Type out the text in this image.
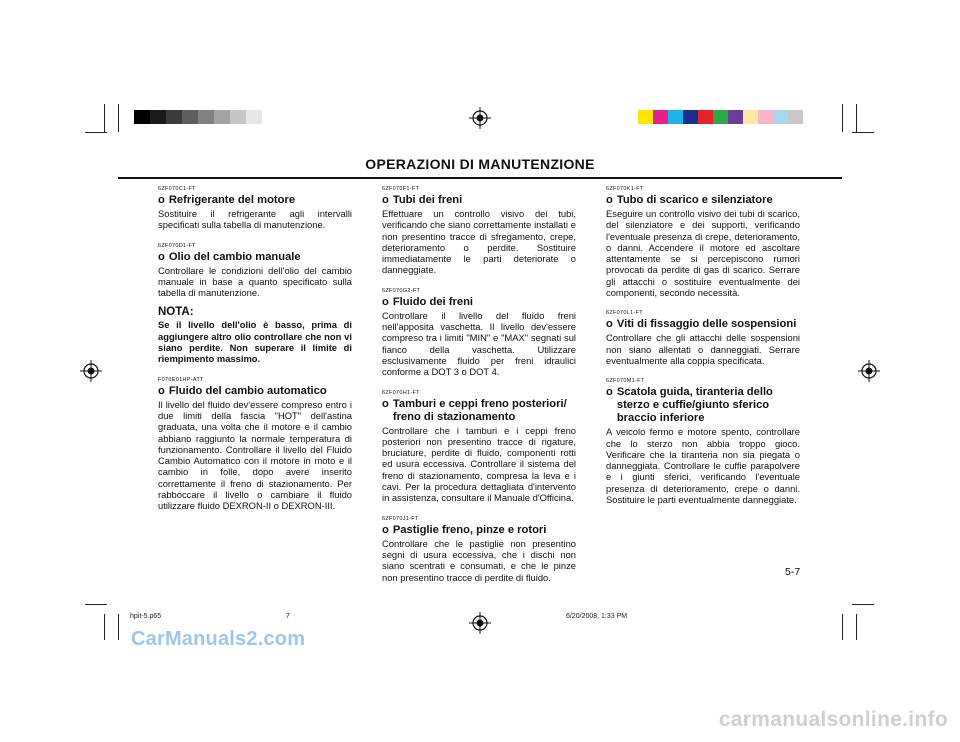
OPERAZIONI DI MANUTENZIONE
6ZF070C1-FT
o Refrigerante del motore

Sostituire il refrigerante agli intervalli specificati sulla tabella di manutenzione.

6ZF070D1-FT
o Olio del cambio manuale

Controllare le condizioni dell'olio del cambio manuale in base a quanto specificato sulla tabella di manutenzione.

NOTA:

Se il livello dell'olio è basso, prima di aggiungere altro olio controllare che non vi siano perdite. Non superare il limite di riempimento massimo.

F070E01HP-ATT
o Fluido del cambio automatico

Il livello del fluido dev'essere compreso entro i due limiti della fascia "HOT" dell'astina graduata, una volta che il motore e il cambio abbiano raggiunto la normale temperatura di funzionamento. Controllare il livello del Fluido Cambio Automatico con il motore in moto e il cambio in folle, dopo avere inserito correttamente il freno di stazionamento. Per rabboccare il livello o cambiare il fluido utilizzare fluido DEXRON-II o DEXRON-III.

6ZF070F1-FT
o Tubi dei freni

Effettuare un controllo visivo dei tubi, verificando che siano correttamente installati e non presentino tracce di sfregamento, crepe, deterioramento o perdite. Sostituire immediatamente le parti deteriorate o danneggiate.

6ZF070G2-FT
o Fluido dei freni

Controllare il livello del fluido freni nell'apposita vaschetta. Il livello dev'essere compreso tra i limiti "MIN" e "MAX" segnati sul fianco della vaschetta. Utilizzare esclusivamente fluido per freni idraulici conforme a DOT 3 o DOT 4.

6ZF070H1-FT
o Tamburi e ceppi freno posteriori/ freno di stazionamento

Controllare che i tamburi e i ceppi freno posteriori non presentino tracce di rigature, bruciature, perdite di fluido, componenti rotti ed usura eccessiva. Controllare il sistema del freno di stazionamento, compresa la leva e i cavi. Per la procedura dettagliata d'intervento in assistenza, consultare il Manuale d'Officina.

6ZF070J1-FT
o Pastiglie freno, pinze e rotori

Controllare che le pastiglie non presentino segni di usura eccessiva, che i dischi non siano scentrati e consumati, e che le pinze non presentino tracce di perdite di fluido.

6ZF070K1-FT
o Tubo di scarico e silenziatore

Eseguire un controllo visivo dei tubi di scarico, del silenziatore e dei supporti, verificando l'eventuale presenza di crepe, deterioramento, o danni. Accendere il motore ed ascoltare attentamente se si percepiscono rumori provocati da perdite di gas di scarico. Serrare gli attacchi o sostituire eventualmente dei componenti, secondo necessità.

6ZF070L1-FT
o Viti di fissaggio delle sospensioni

Controllare che gli attacchi delle sospensioni non siano allentati o danneggiati. Serrare eventualmente alla coppia specificata.

6ZF070M1-FT
o Scatola guida, tiranteria dello sterzo e cuffie/giunto sferico braccio inferiore

A veicolo fermo e motore spento, controllare che lo sterzo non abbia troppo gioco. Verificare che la tiranteria non sia piegata o danneggiata. Controllare le cuffie parapolvere e i giunti sferici, verificando l'eventuale presenza di deterioramento, crepe o danni. Sostituire le parti eventualmente danneggiate.

5-7
hpit-5.p65	7	6/20/2008, 1:33 PM
CarManuals2.com
carmanualsonline.info
